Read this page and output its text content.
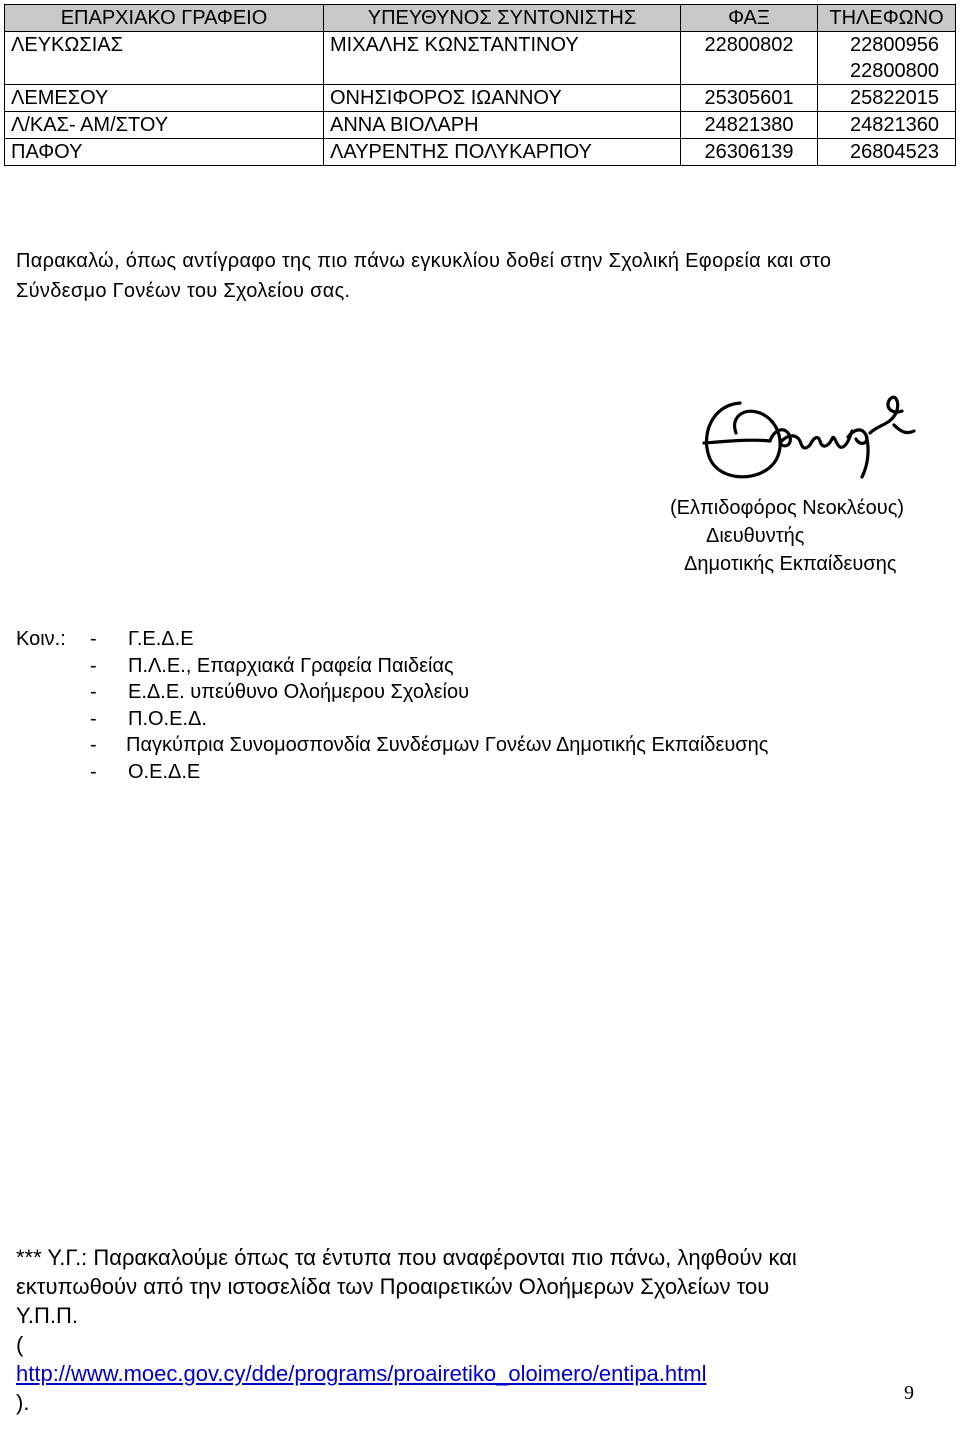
ΕΠΑΡΧΙΑΚΟ ΓΡΑΦΕΙΟ	ΥΠΕΥΘΥΝΟΣ ΣΥΝΤΟΝΙΣΤΗΣ	ΦΑΞ	ΤΗΛΕΦΩΝΟ
ΛΕΥΚΩΣΙΑΣ	ΜΙΧΑΛΗΣ ΚΩΝΣΤΑΝΤΙΝΟΥ	22800802	22800956
22800800

ΛΕΜΕΣΟΥ	ΟΝΗΣΙΦΟΡΟΣ ΙΩΑΝΝΟΥ	25305601	25822015

Λ/ΚΑΣ- ΑΜ/ΣΤΟΥ	ΑΝΝΑ ΒΙΟΛΑΡΗ	24821380	24821360

ΠΑΦΟΥ	ΛΑΥΡΕΝΤΗΣ ΠΟΛΥΚΑΡΠΟΥ	26306139	26804523
Παρακαλώ, όπως αντίγραφο της πιο πάνω εγκυκλίου δοθεί στην Σχολική Εφορεία και στο
Σύνδεσμο Γονέων του Σχολείου σας.
(Ελπιδοφόρος Νεοκλέους)
Διευθυντής
Δημοτικής Εκπαίδευσης
Κοιν.: - Γ.Ε.Δ.Ε
- Π.Λ.Ε., Επαρχιακά Γραφεία Παιδείας
- Ε.Δ.Ε. υπεύθυνο Ολοήμερου Σχολείου
- Π.Ο.Ε.Δ.
- Παγκύπρια Συνομοσπονδία Συνδέσμων Γονέων Δημοτικής Εκπαίδευσης
- Ο.Ε.Δ.Ε
*** Υ.Γ.: Παρακαλούμε όπως τα έντυπα που αναφέρονται πιο πάνω, ληφθούν και
εκτυπωθούν από την ιστοσελίδα των Προαιρετικών Ολοήμερων Σχολείων του
Υ.Π.Π.
(
http://www.moec.gov.cy/dde/programs/proairetiko_oloimero/entipa.html
).	9
